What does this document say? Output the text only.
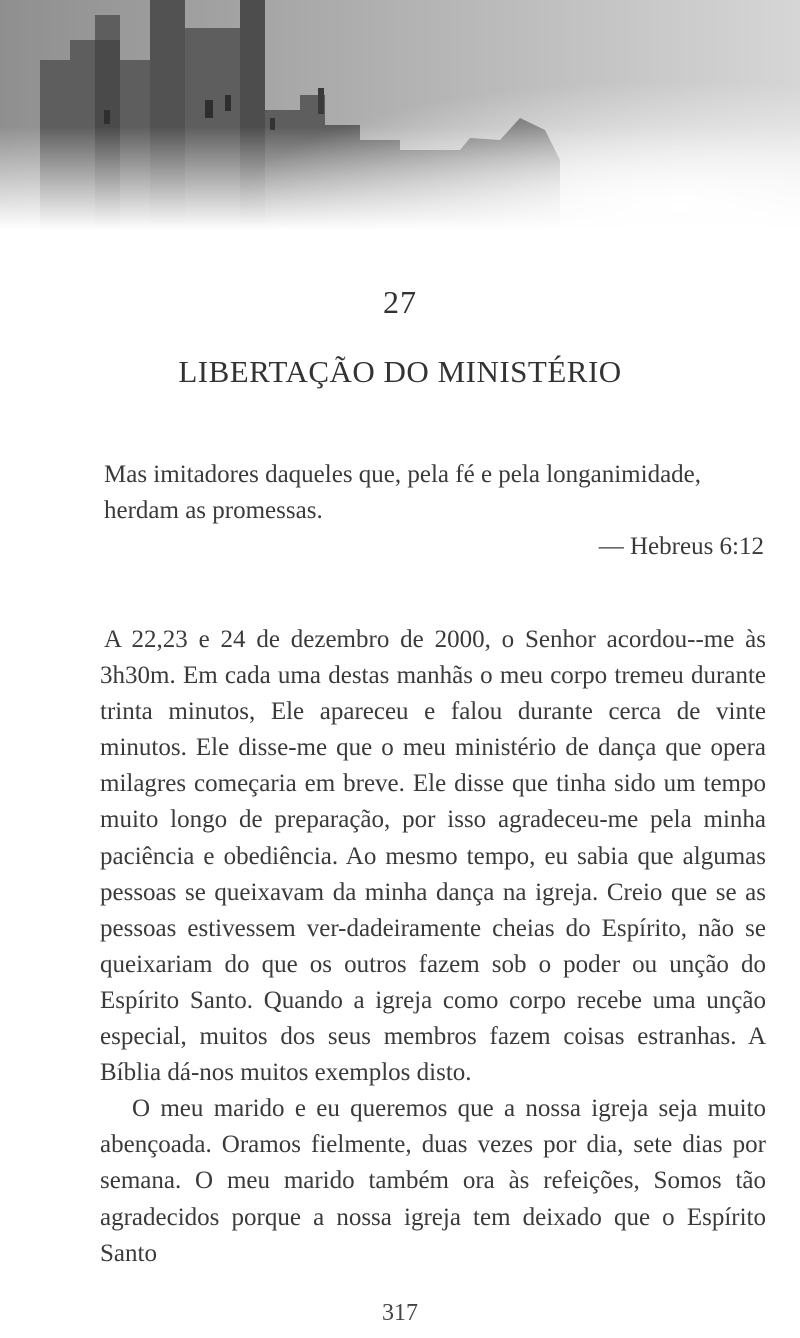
27
LIBERTAÇÃO DO MINISTÉRIO
Mas imitadores daqueles que, pela fé e pela longanimidade, herdam as promessas.
— Hebreus 6:12

A 22,23 e 24 de dezembro de 2000, o Senhor acordou--me às 3h30m. Em cada uma destas manhãs o meu corpo tremeu durante trinta minutos, Ele apareceu e falou durante cerca de vinte minutos. Ele disse-me que o meu ministério de dança que opera milagres começaria em breve. Ele disse que tinha sido um tempo muito longo de preparação, por isso agradeceu-me pela minha paciência e obediência. Ao mesmo tempo, eu sabia que algumas pessoas se queixavam da minha dança na igreja. Creio que se as pessoas estivessem ver-dadeiramente cheias do Espírito, não se queixariam do que os outros fazem sob o poder ou unção do Espírito Santo. Quando a igreja como corpo recebe uma unção especial, muitos dos seus membros fazem coisas estranhas. A Bíblia dá-nos muitos exemplos disto.

O meu marido e eu queremos que a nossa igreja seja muito abençoada. Oramos fielmente, duas vezes por dia, sete dias por semana. O meu marido também ora às refeições, Somos tão agradecidos porque a nossa igreja tem deixado que o Espírito Santo

317
